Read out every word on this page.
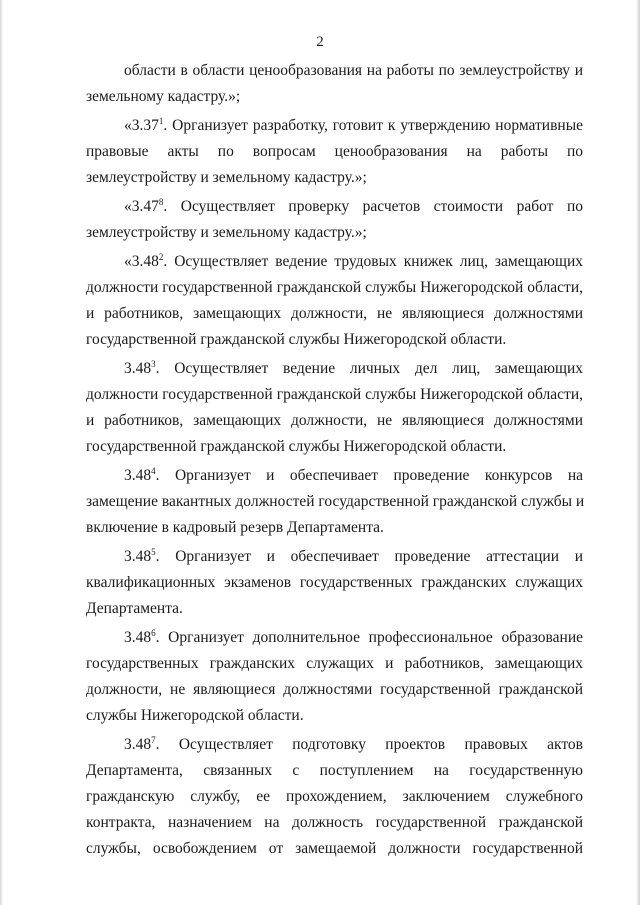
2
области в области ценообразования на работы по землеустройству и
земельному кадастру.»;
«3.37$^1$. Организует разработку, готовит к утверждению нормативные
правовые акты по вопросам ценообразования на работы по
землеустройству и земельному кадастру.»;
«3.47$^8$. Осуществляет проверку расчетов стоимости работ по
землеустройству и земельному кадастру.»;
«3.48$^2$. Осуществляет ведение трудовых книжек лиц, замещающих
должности государственной гражданской службы Нижегородской области,
и работников, замещающих должности, не являющиеся должностями
государственной гражданской службы Нижегородской области.
3.48$^3$. Осуществляет ведение личных дел лиц, замещающих
должности государственной гражданской службы Нижегородской области,
и работников, замещающих должности, не являющиеся должностями
государственной гражданской службы Нижегородской области.
3.48$^4$. Организует и обеспечивает проведение конкурсов на
замещение вакантных должностей государственной гражданской службы и
включение в кадровый резерв Департамента.
3.48$^5$. Организует и обеспечивает проведение аттестации и
квалификационных экзаменов государственных гражданских служащих
Департамента.
3.48$^6$. Организует дополнительное профессиональное образование
государственных гражданских служащих и работников, замещающих
должности, не являющиеся должностями государственной гражданской
службы Нижегородской области.
3.48$^7$. Осуществляет подготовку проектов правовых актов
Департамента, связанных с поступлением на государственную
гражданскую службу, ее прохождением, заключением служебного
контракта, назначением на должность государственной гражданской
службы, освобождением от замещаемой должности государственной
